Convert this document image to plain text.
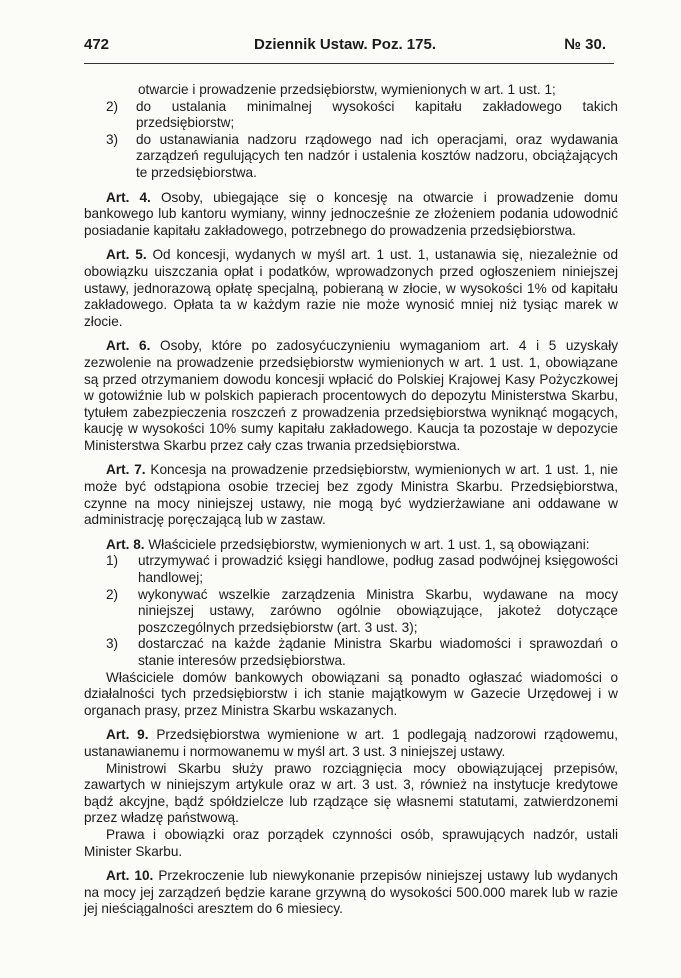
472	Dziennik Ustaw. Poz. 175.	№ 30.

otwarcie i prowadzenie przedsiębiorstw, wymienionych w art. 1 ust. 1;

2)	do ustalania minimalnej wysokości kapitału zakładowego takich przedsiębiorstw;
3)	do ustanawiania nadzoru rządowego nad ich operacjami, oraz wydawania zarządzeń regulujących ten nadzór i ustalenia kosztów nadzoru, obciążających te przedsiębiorstwa.

Art. 4. Osoby, ubiegające się o koncesję na otwarcie i prowadzenie domu bankowego lub kantoru wymiany, winny jednocześnie ze złożeniem podania udowodnić posiadanie kapitału zakładowego, potrzebnego do prowadzenia przedsiębiorstwa.

Art. 5. Od koncesji, wydanych w myśl art. 1 ust. 1, ustanawia się, niezależnie od obowiązku uiszczania opłat i podatków, wprowadzonych przed ogłoszeniem niniejszej ustawy, jednorazową opłatę specjalną, pobieraną w złocie, w wysokości 1% od kapitału zakładowego. Opłata ta w każdym razie nie może wynosić mniej niż tysiąc marek w złocie.

Art. 6. Osoby, które po zadosyćuczynieniu wymaganiom art. 4 i 5 uzyskały zezwolenie na prowadzenie przedsiębiorstw wymienionych w art. 1 ust. 1, obowiązane są przed otrzymaniem dowodu koncesji wpłacić do Polskiej Krajowej Kasy Pożyczkowej w gotowiźnie lub w polskich papierach procentowych do depozytu Ministerstwa Skarbu, tytułem zabezpieczenia roszczeń z prowadzenia przedsiębiorstwa wyniknąć mogących, kaucję w wysokości 10% sumy kapitału zakładowego. Kaucja ta pozostaje w depozycie Ministerstwa Skarbu przez cały czas trwania przedsiębiorstwa.

Art. 7. Koncesja na prowadzenie przedsiębiorstw, wymienionych w art. 1 ust. 1, nie może być odstąpiona osobie trzeciej bez zgody Ministra Skarbu. Przedsiębiorstwa, czynne na mocy niniejszej ustawy, nie mogą być wydzierżawiane ani oddawane w administrację poręczającą lub w zastaw.

Art. 8. Właściciele przedsiębiorstw, wymienionych w art. 1 ust. 1, są obowiązani:

1)	utrzymywać i prowadzić księgi handlowe, podług zasad podwójnej księgowości handlowej;
2)	wykonywać wszelkie zarządzenia Ministra Skarbu, wydawane na mocy niniejszej ustawy, zarówno ogólnie obowiązujące, jakoteż dotyczące poszczególnych przedsiębiorstw (art. 3 ust. 3);
3)	dostarczać na każde żądanie Ministra Skarbu wiadomości i sprawozdań o stanie interesów przedsiębiorstwa.

Właściciele domów bankowych obowiązani są ponadto ogłaszać wiadomości o działalności tych przedsiębiorstw i ich stanie majątkowym w Gazecie Urzędowej i w organach prasy, przez Ministra Skarbu wskazanych.

Art. 9. Przedsiębiorstwa wymienione w art. 1 podlegają nadzorowi rządowemu, ustanawianemu i normowanemu w myśl art. 3 ust. 3 niniejszej ustawy.

Ministrowi Skarbu służy prawo rozciągnięcia mocy obowiązującej przepisów, zawartych w niniejszym artykule oraz w art. 3 ust. 3, również na instytucje kredytowe bądź akcyjne, bądź spółdzielcze lub rządzące się własnemi statutami, zatwierdzonemi przez władzę państwową.

Prawa i obowiązki oraz porządek czynności osób, sprawujących nadzór, ustali Minister Skarbu.

Art. 10. Przekroczenie lub niewykonanie przepisów niniejszej ustawy lub wydanych na mocy jej zarządzeń będzie karane grzywną do wysokości 500.000 marek lub w razie jej nieściągalności aresztem do 6 miesiecy.
